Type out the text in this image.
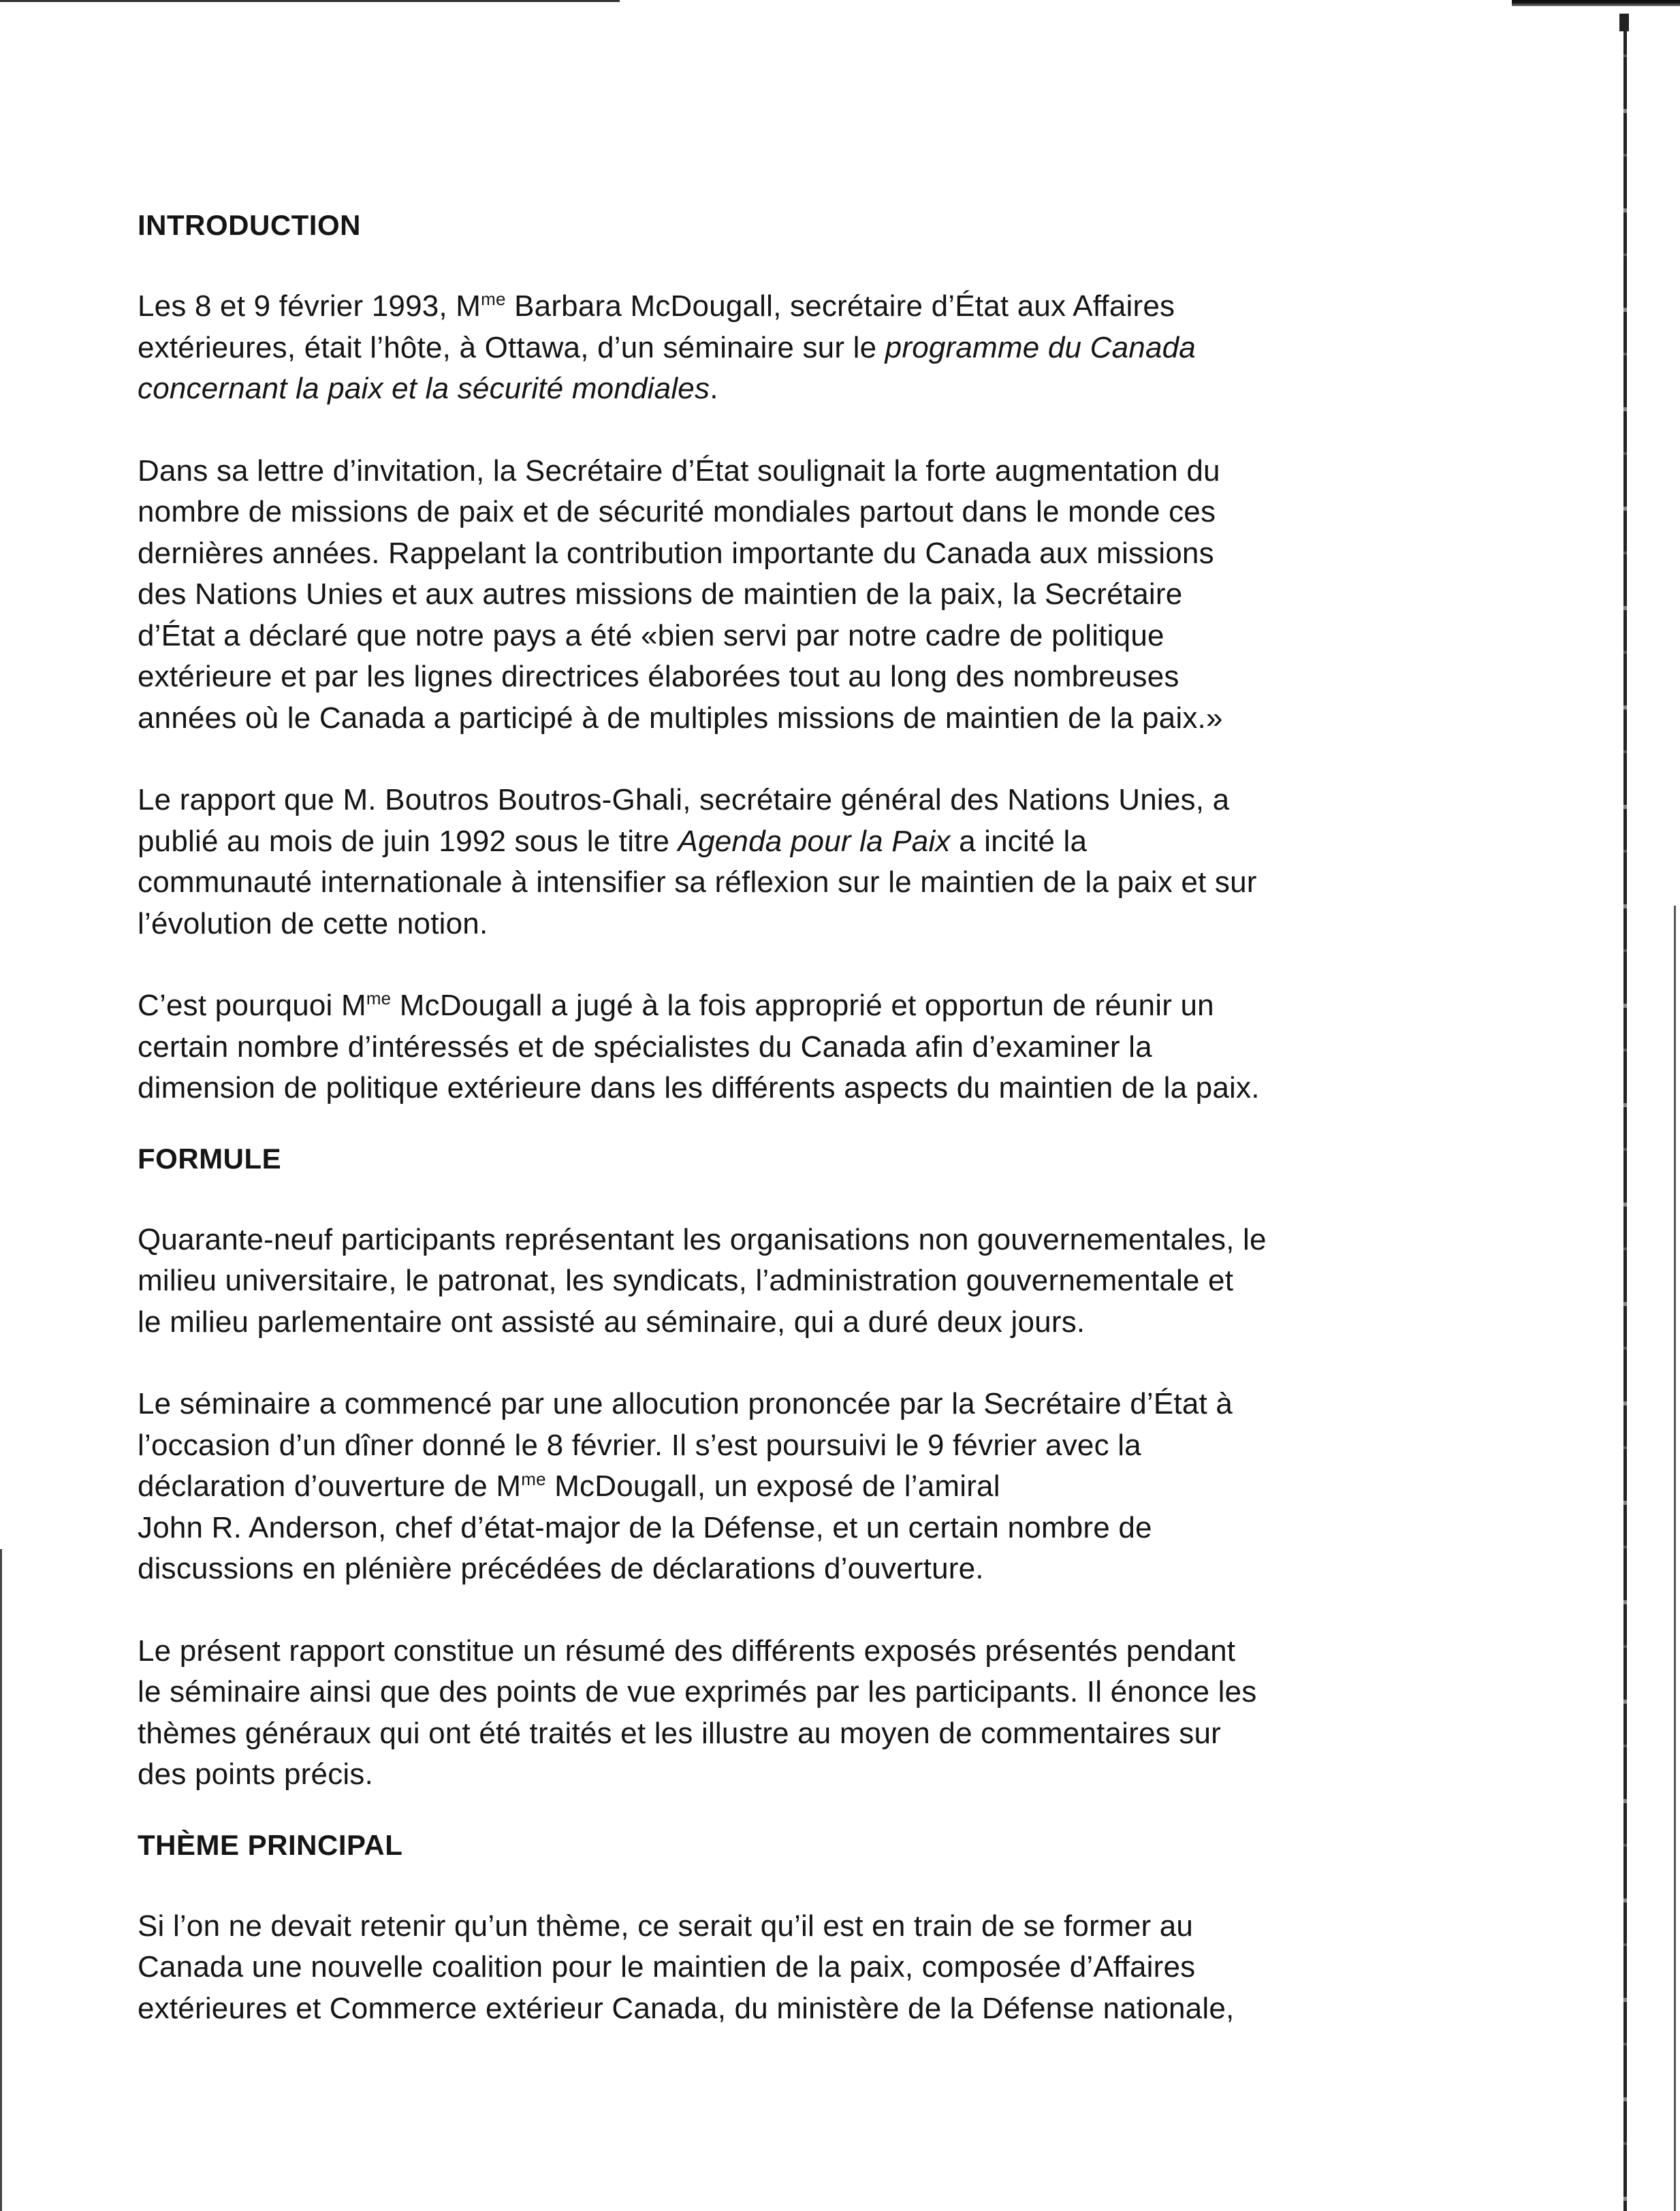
INTRODUCTION
Les 8 et 9 février 1993, $M^{me}$ Barbara McDougall, secrétaire d’État aux Affaires
extérieures, était l’hôte, à Ottawa, d’un séminaire sur le programme du Canada
concernant la paix et la sécurité mondiales.
Dans sa lettre d’invitation, la Secrétaire d’État soulignait la forte augmentation du
nombre de missions de paix et de sécurité mondiales partout dans le monde ces
dernières années. Rappelant la contribution importante du Canada aux missions
des Nations Unies et aux autres missions de maintien de la paix, la Secrétaire
d’État a déclaré que notre pays a été «bien servi par notre cadre de politique
extérieure et par les lignes directrices élaborées tout au long des nombreuses
années où le Canada a participé à de multiples missions de maintien de la paix.»
Le rapport que M. Boutros Boutros-Ghali, secrétaire général des Nations Unies, a
publié au mois de juin 1992 sous le titre Agenda pour la Paix a incité la
communauté internationale à intensifier sa réflexion sur le maintien de la paix et sur
l’évolution de cette notion.
C’est pourquoi $M^{me}$ McDougall a jugé à la fois approprié et opportun de réunir un
certain nombre d’intéressés et de spécialistes du Canada afin d’examiner la
dimension de politique extérieure dans les différents aspects du maintien de la paix.
FORMULE
Quarante-neuf participants représentant les organisations non gouvernementales, le
milieu universitaire, le patronat, les syndicats, l’administration gouvernementale et
le milieu parlementaire ont assisté au séminaire, qui a duré deux jours.
Le séminaire a commencé par une allocution prononcée par la Secrétaire d’État à
l’occasion d’un dîner donné le 8 février. Il s’est poursuivi le 9 février avec la
déclaration d’ouverture de $M^{me}$ McDougall, un exposé de l’amiral
John R. Anderson, chef d’état-major de la Défense, et un certain nombre de
discussions en plénière précédées de déclarations d’ouverture.
Le présent rapport constitue un résumé des différents exposés présentés pendant
le séminaire ainsi que des points de vue exprimés par les participants. Il énonce les
thèmes généraux qui ont été traités et les illustre au moyen de commentaires sur
des points précis.
THÈME PRINCIPAL
Si l’on ne devait retenir qu’un thème, ce serait qu’il est en train de se former au
Canada une nouvelle coalition pour le maintien de la paix, composée d’Affaires
extérieures et Commerce extérieur Canada, du ministère de la Défense nationale,
